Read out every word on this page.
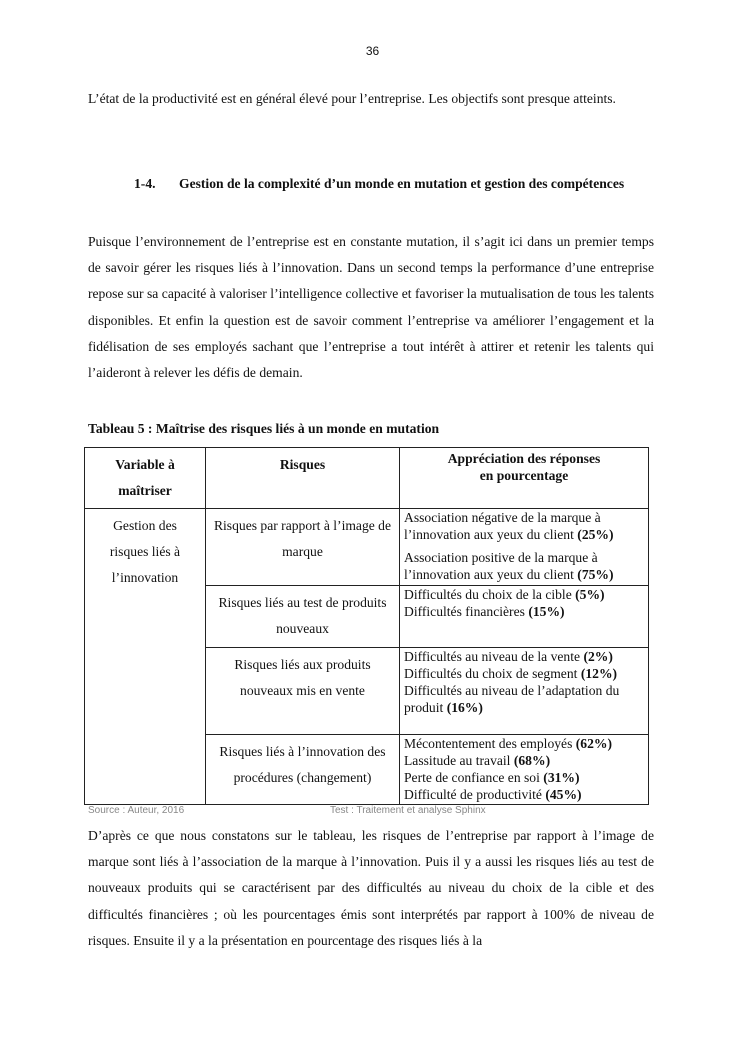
36

L’état de la productivité est en général élevé pour l’entreprise. Les objectifs sont presque atteints.

1-4. Gestion de la complexité d’un monde en mutation et gestion des compétences

Puisque l’environnement de l’entreprise est en constante mutation, il s’agit ici dans un premier temps de savoir gérer les risques liés à l’innovation. Dans un second temps la performance d’une entreprise repose sur sa capacité à valoriser l’intelligence collective et favoriser la mutualisation de tous les talents disponibles. Et enfin la question est de savoir comment l’entreprise va améliorer l’engagement et la fidélisation de ses employés sachant que l’entreprise a tout intérêt à attirer et retenir les talents qui l’aideront à relever les défis de demain.

Tableau 5 : Maîtrise des risques liés à un monde en mutation
Variable à maîtriser	Risques	Appréciation des réponses
en pourcentage

Gestion des risques liés à l’innovation	Risques par rapport à l’image de marque	Association négative de la marque à l’innovation aux yeux du client (25%)
Association positive de la marque à l’innovation aux yeux du client (75%)

	Risques liés au test de produits nouveaux	Difficultés du choix de la cible (5%)
Difficultés financières (15%)

	Risques liés aux produits nouveaux mis en vente	Difficultés au niveau de la vente (2%)
Difficultés du choix de segment (12%)
Difficultés au niveau de l’adaptation du produit (16%)

	Risques liés à l’innovation des procédures (changement)	Mécontentement des employés (62%)
Lassitude au travail (68%)
Perte de confiance en soi (31%)
Difficulté de productivité (45%)
Source : Auteur, 2016	Test : Traitement et analyse Sphinx

D’après ce que nous constatons sur le tableau, les risques de l’entreprise par rapport à l’image de marque sont liés à l’association de la marque à l’innovation. Puis il y a aussi les risques liés au test de nouveaux produits qui se caractérisent par des difficultés au niveau du choix de la cible et des difficultés financières ; où les pourcentages émis sont interprétés par rapport à 100% de niveau de risques. Ensuite il y a la présentation en pourcentage des risques liés à la
